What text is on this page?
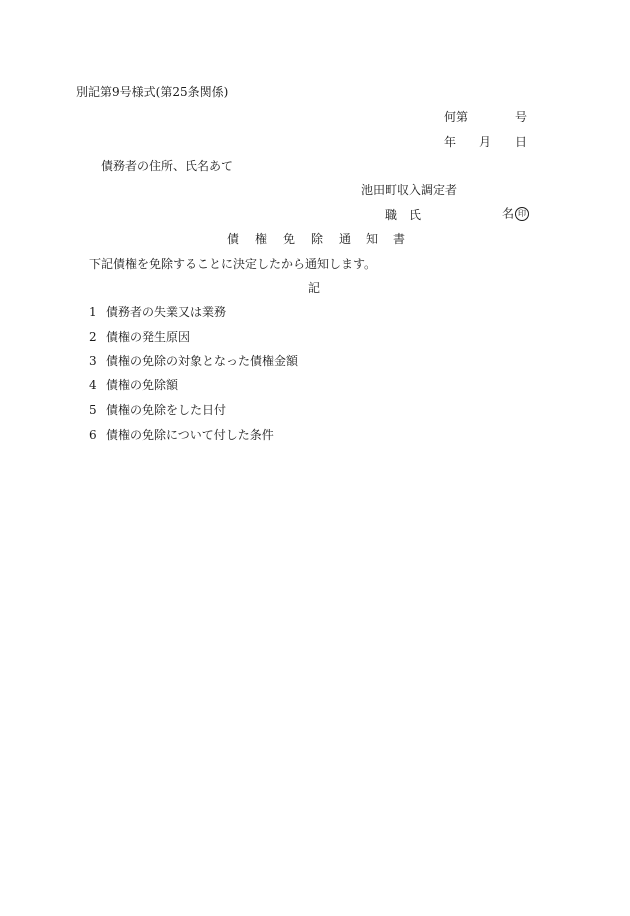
別記第9号様式(第25条関係)
何第	号
年 月 日
債務者の住所、氏名あて
池田町収入調定者
職 氏	名 印
債 権 免 除 通 知 書
下記債権を免除することに決定したから通知します。
記
1 債務者の失業又は業務
2 債権の発生原因
3 債権の免除の対象となった債権金額
4 債権の免除額
5 債権の免除をした日付
6 債権の免除について付した条件
